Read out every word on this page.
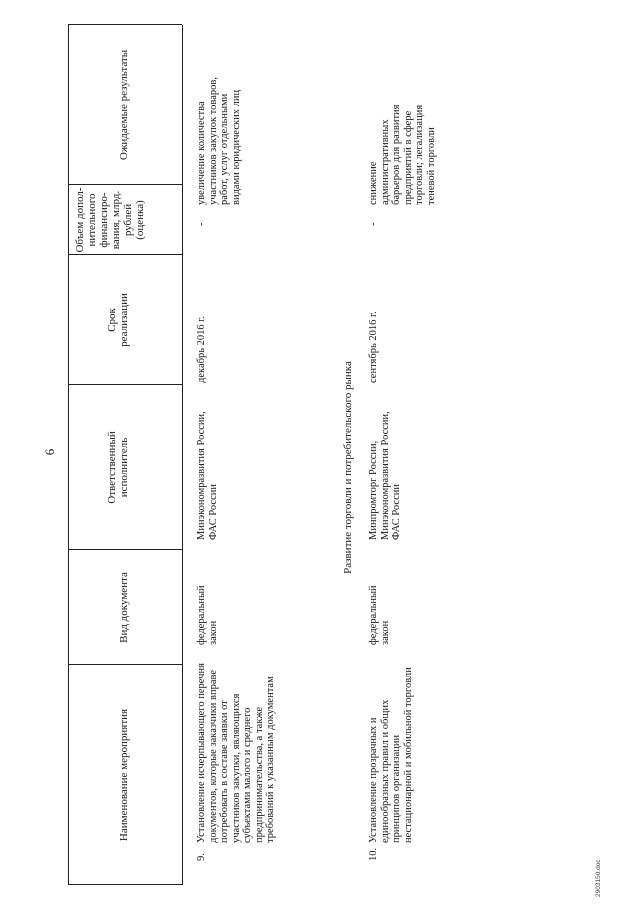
6
Наименование мероприятия
Вид документа
Ответственный исполнитель
Срок реализации
Объем допол-нительного финансиро-вания, млрд. рублей (оценка)
Ожидаемые результаты
9.
Установление исчерпывающего перечня документов, которые заказчики вправе потребовать в составе заявки от участников закупки, являющихся субъектами малого и среднего предпринимательства, а также требований к указанным документам
федеральный закон
Минэкономразвития России, ФАС России
декабрь 2016 г.
-
увеличение количества участников закупок товаров, работ, услуг отдельными видами юридических лиц
Развитие торговли и потребительского рынка
10.
Установление прозрачных и единообразных правил и общих принципов организации нестационарной и мобильной торговли
федеральный закон
Минпромторг России, Минэкономразвития России, ФАС России
сентябрь 2016 г.
-
снижение административных барьеров для развития предприятий в сфере торговли; легализация теневой торговли
2903150.doc
